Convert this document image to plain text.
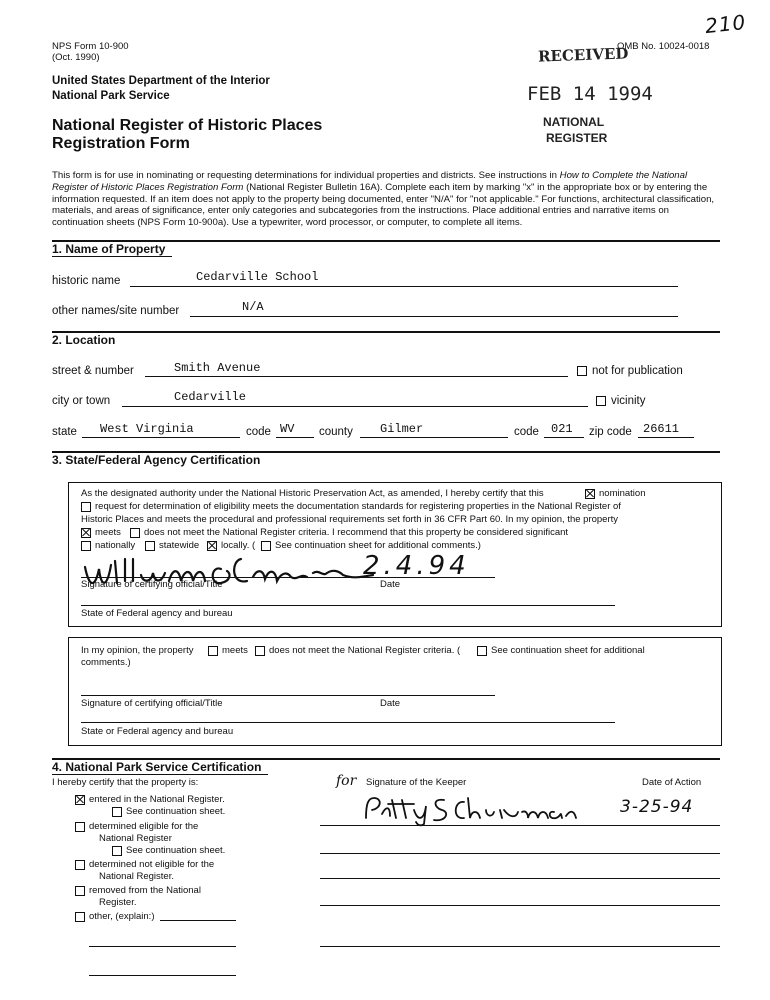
NPS Form 10-900
(Oct. 1990)
OMB No. 10024-0018
210
United States Department of the Interior
National Park Service
National Register of Historic Places
Registration Form
RECEIVED
FEB 14 1994
NATIONAL
REGISTER
This form is for use in nominating or requesting determinations for individual properties and districts. See instructions in How to Complete the National Register of Historic Places Registration Form (National Register Bulletin 16A). Complete each item by marking "x" in the appropriate box or by entering the information requested. If an item does not apply to the property being documented, enter "N/A" for "not applicable." For functions, architectural classification, materials, and areas of significance, enter only categories and subcategories from the instructions. Place additional entries and narrative items on continuation sheets (NPS Form 10-900a). Use a typewriter, word processor, or computer, to complete all items.
1. Name of Property
historic name	Cedarville School
other names/site number	N/A
2. Location
street & number	Smith Avenue	not for publication
city or town	Cedarville	vicinity
state West Virginia	code WV county Gilmer	code 021 zip code 26611
3. State/Federal Agency Certification
As the designated authority under the National Historic Preservation Act, as amended, I hereby certify that this	nomination
request for determination of eligibility meets the documentation standards for registering properties in the National Register of
Historic Places and meets the procedural and professional requirements set forth in 36 CFR Part 60. In my opinion, the property
meets does not meet the National Register criteria. I recommend that this property be considered significant
nationally	statewide locally. ( See continuation sheet for additional comments.)
2.4.94
Signature of certifying official/Title	Date
State of Federal agency and bureau
In my opinion, the property	meets does not meet the National Register criteria. (	See continuation sheet for additional
comments.)
Signature of certifying official/Title	Date
State or Federal agency and bureau
4. National Park Service Certification
I hereby certify that the property is:	for Signature of the Keeper	Date of Action
3-25-94
entered in the National Register.
See continuation sheet.
determined eligible for the
National Register
See continuation sheet.
determined not eligible for the
National Register.
removed from the National
Register.
other, (explain:)
